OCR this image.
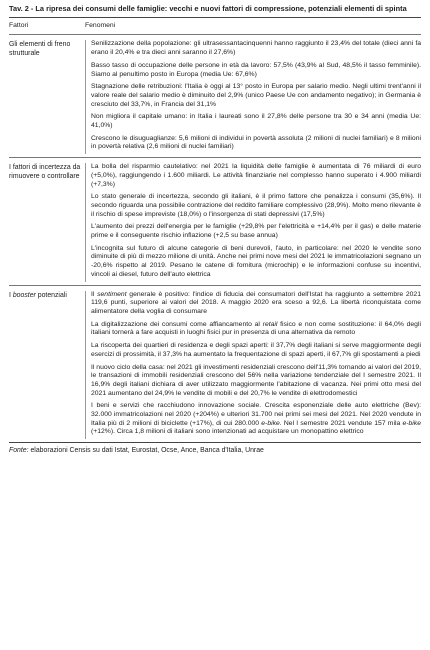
Tav. 2 - La ripresa dei consumi delle famiglie: vecchi e nuovi fattori di compressione, potenziali elementi di spinta

Fattori	Fenomeni
Gli elementi di freno strutturale

Senilizzazione della popolazione: gli ultrasessantacinquenni hanno raggiunto il 23,4% del totale (dieci anni fa erano il 20,4% e tra dieci anni saranno il 27,6%)

Basso tasso di occupazione delle persone in età da lavoro: 57,5% (43,9% al Sud, 48,5% il tasso femminile). Siamo al penultimo posto in Europa (media Ue: 67,6%)

Stagnazione delle retribuzioni: l'Italia è oggi al 13° posto in Europa per salario medio. Negli ultimi trent'anni il valore reale del salario medio è diminuito del 2,9% (unico Paese Ue con andamento negativo); in Germania è cresciuto del 33,7%, in Francia del 31,1%

Non migliora il capitale umano: in Italia i laureati sono il 27,8% delle persone tra 30 e 34 anni (media Ue: 41,0%)

Crescono le disuguaglianze: 5,6 milioni di individui in povertà assoluta (2 milioni di nuclei familiari) e 8 milioni in povertà relativa (2,6 milioni di nuclei familiari)

I fattori di incertezza da rimuovere o controllare

La bolla del risparmio cautelativo: nel 2021 la liquidità delle famiglie è aumentata di 76 miliardi di euro (+5,0%), raggiungendo i 1.600 miliardi. Le attività finanziarie nel complesso hanno superato i 4.900 miliardi (+7,3%)

Lo stato generale di incertezza, secondo gli italiani, è il primo fattore che penalizza i consumi (35,6%). Il secondo riguarda una possibile contrazione del reddito familiare complessivo (28,9%). Molto meno rilevante è il rischio di spese impreviste (18,0%) o l'insorgenza di stati depressivi (17,5%)

L'aumento dei prezzi dell'energia per le famiglie (+29,8% per l'elettricità e +14,4% per il gas) e delle materie prime e il conseguente rischio inflazione (+2,5 su base annua)

L'incognita sul futuro di alcune categorie di beni durevoli, l'auto, in particolare: nel 2020 le vendite sono diminuite di più di mezzo milione di unità. Anche nei primi nove mesi del 2021 le immatricolazioni segnano un -20,6% rispetto al 2019. Pesano le catene di fornitura (microchip) e le informazioni confuse su incentivi, vincoli ai diesel, futuro dell'auto elettrica

I booster potenziali	Il sentiment generale è positivo: l'indice di fiducia dei consumatori dell'Istat ha raggiunto a settembre 2021 119,6 punti, superiore ai valori del 2018. A maggio 2020 era sceso a 92,6. La libertà riconquistata come alimentatore della voglia di consumare

La digitalizzazione dei consumi come affiancamento al retail fisico e non come sostituzione: il 64,0% degli italiani tornerà a fare acquisti in luoghi fisici pur in presenza di una alternativa da remoto

La riscoperta dei quartieri di residenza e degli spazi aperti: il 37,7% degli italiani si serve maggiormente degli esercizi di prossimità, il 37,3% ha aumentato la frequentazione di spazi aperti, il 67,7% gli spostamenti a piedi

Il nuovo ciclo della casa: nel 2021 gli investimenti residenziali crescono dell'11,3% tornando ai valori del 2019, le transazioni di immobili residenziali crescono del 56% nella variazione tendenziale del I semestre 2021. Il 16,9% degli italiani dichiara di aver utilizzato maggiormente l'abitazione di vacanza. Nei primi otto mesi del 2021 aumentano del 24,9% le vendite di mobili e del 20,7% le vendite di elettrodomestici

I beni e servizi che racchiudono innovazione sociale. Crescita esponenziale delle auto elettriche (Bev): 32.000 immatricolazioni nel 2020 (+204%) e ulteriori 31.700 nei primi sei mesi del 2021. Nel 2020 vendute in Italia più di 2 milioni di biciclette (+17%), di cui 280.000 e-bike. Nel I semestre 2021 vendute 157 mila e-bike (+12%). Circa 1,8 milioni di italiani sono intenzionati ad acquistare un monopattino elettrico

Fonte: elaborazioni Censis su dati Istat, Eurostat, Ocse, Ance, Banca d'Italia, Unrae
